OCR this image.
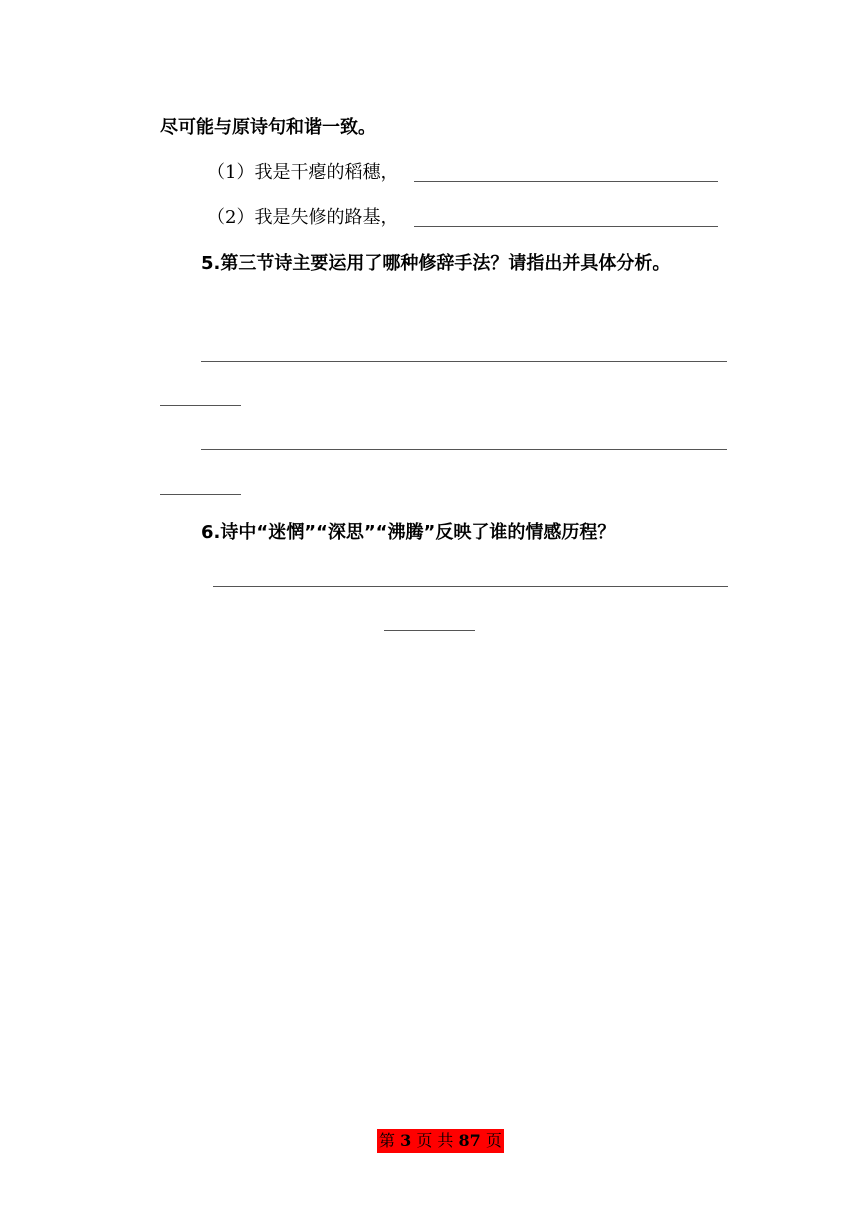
尽可能与原诗句和谐一致。
（1）我是干瘪的稻穗，
（2）我是失修的路基，
5.第三节诗主要运用了哪种修辞手法？请指出并具体分析。
6.诗中“迷惘”“深思”“沸腾”反映了谁的情感历程？
第 3 页 共 87 页
